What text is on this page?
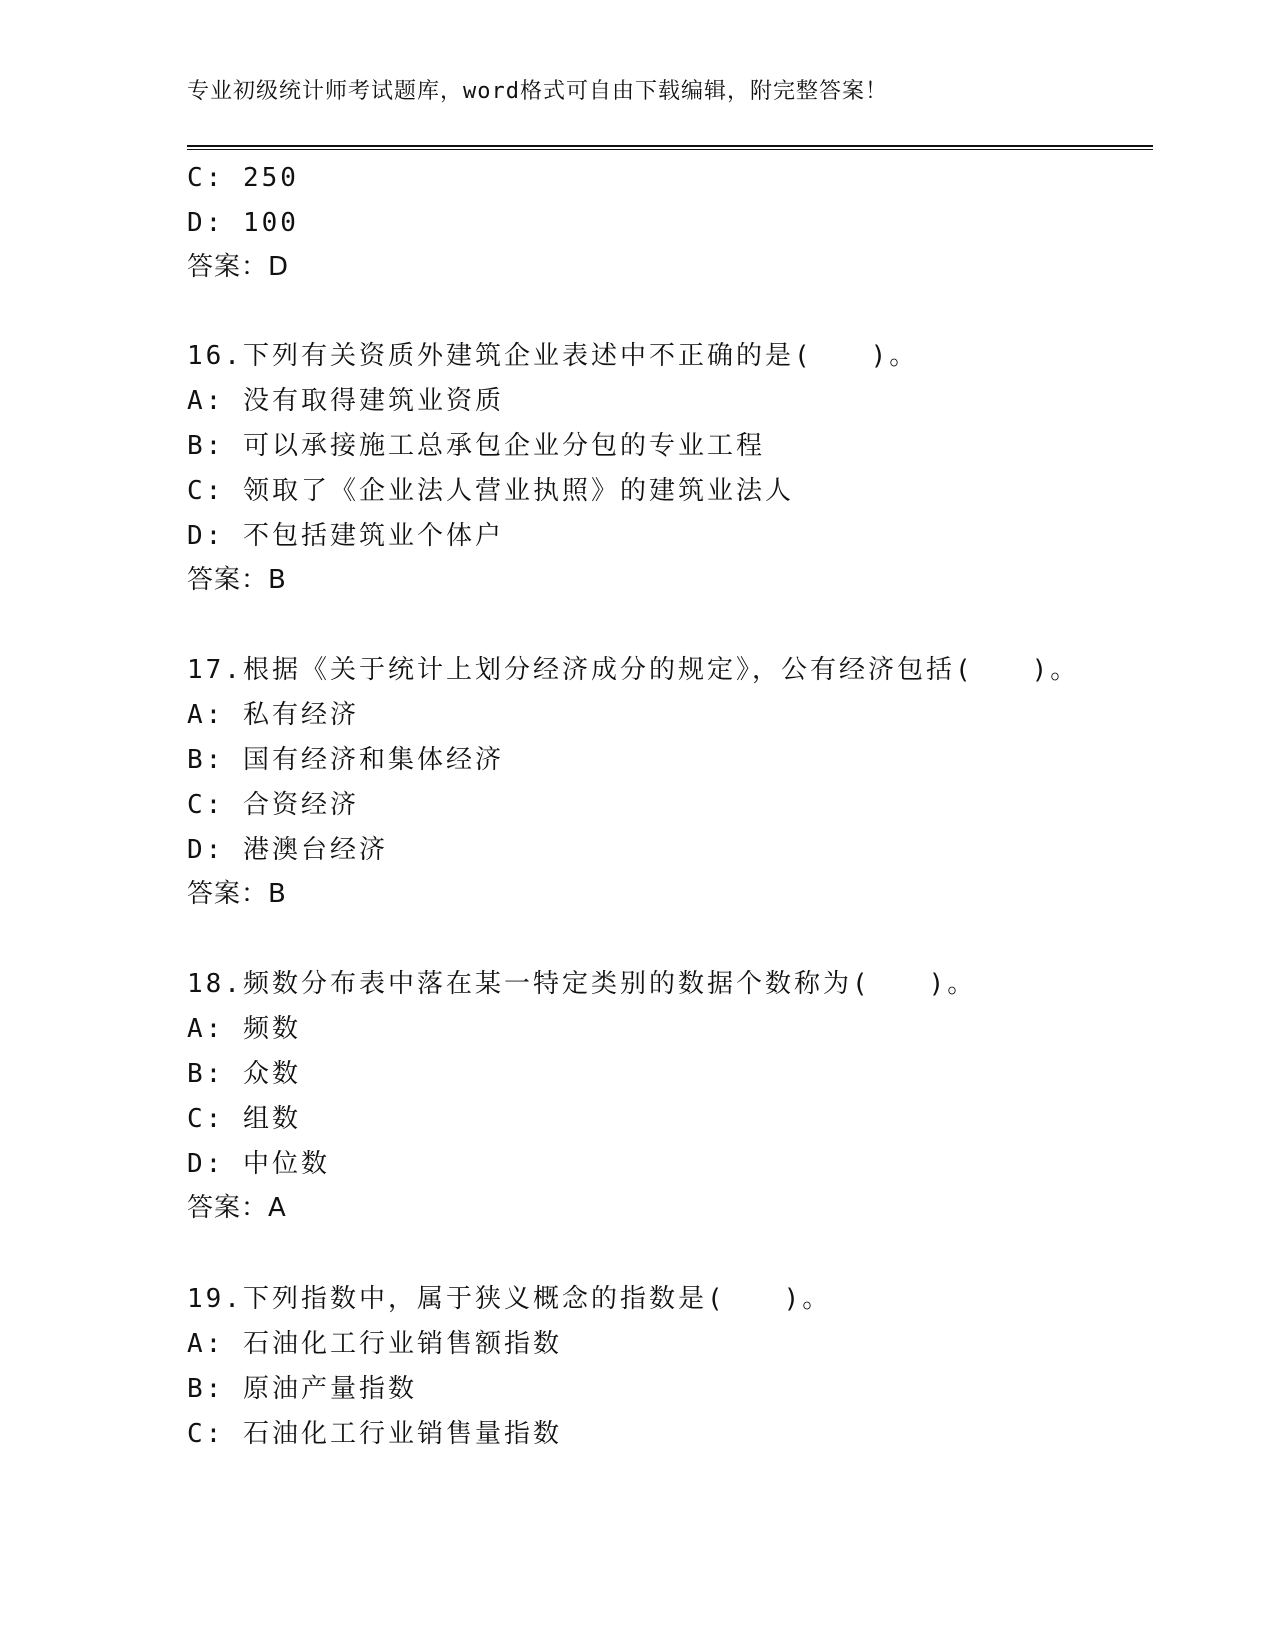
专业初级统计师考试题库，word格式可自由下载编辑，附完整答案！
C: 250
D: 100
答案：D
16.下列有关资质外建筑企业表述中不正确的是(　　)。
A: 没有取得建筑业资质
B: 可以承接施工总承包企业分包的专业工程
C: 领取了《企业法人营业执照》的建筑业法人
D: 不包括建筑业个体户
答案：B
17.根据《关于统计上划分经济成分的规定》，公有经济包括(　　)。
A: 私有经济
B: 国有经济和集体经济
C: 合资经济
D: 港澳台经济
答案：B
18.频数分布表中落在某一特定类别的数据个数称为(　　)。
A: 频数
B: 众数
C: 组数
D: 中位数
答案：A
19.下列指数中，属于狭义概念的指数是(　　)。
A: 石油化工行业销售额指数
B: 原油产量指数
C: 石油化工行业销售量指数
